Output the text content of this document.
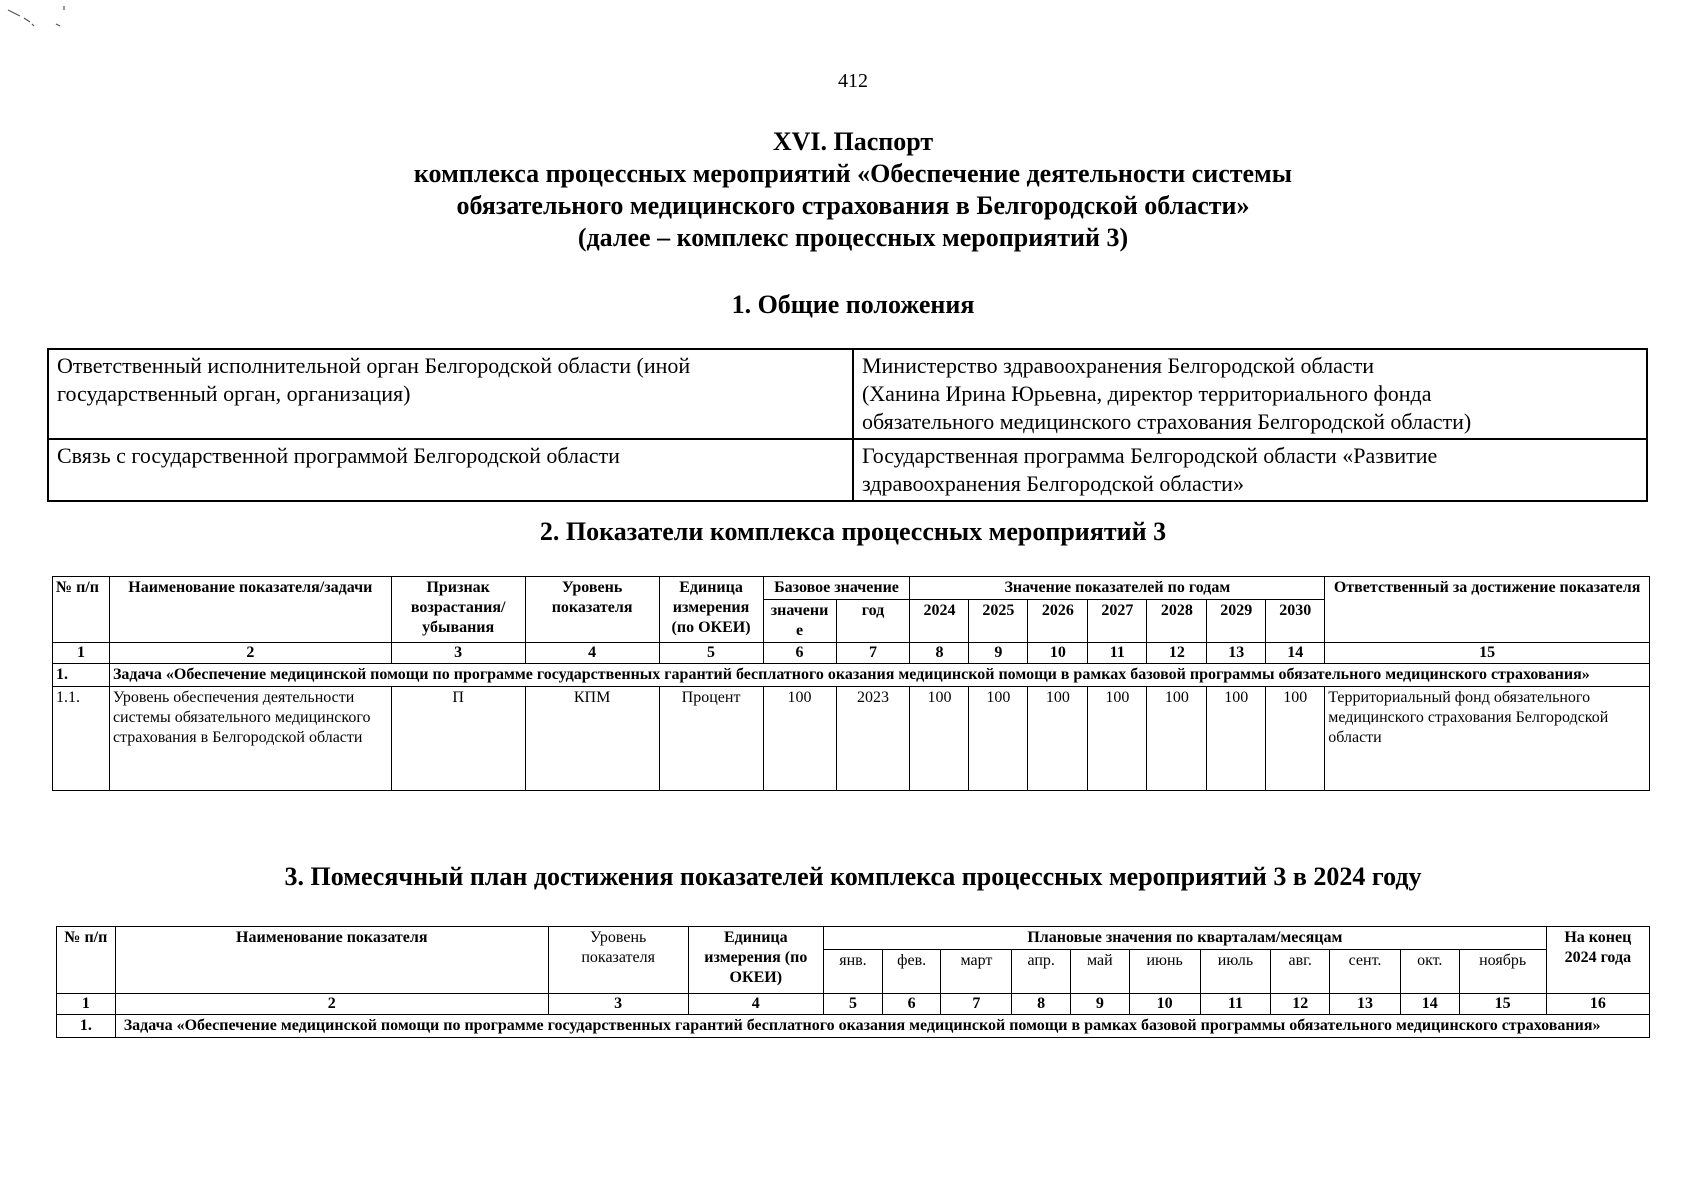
412
XVI. Паспорт
комплекса процессных мероприятий «Обеспечение деятельности системы
обязательного медицинского страхования в Белгородской области»
(далее – комплекс процессных мероприятий 3)
1. Общие положения
Ответственный исполнительной орган Белгородской области (иной государственный орган, организация)	Министерство здравоохранения Белгородской области
(Ханина Ирина Юрьевна, директор территориального фонда
обязательного медицинского страхования Белгородской области)

Связь с государственной программой Белгородской области	Государственная программа Белгородской области «Развитие
здравоохранения Белгородской области»
2. Показатели комплекса процессных мероприятий 3
№ п/п	Наименование показателя/задачи	Признак возрастания/ убывания	Уровень показателя	Единица измерения (по ОКЕИ)	Базовое значение		Значение показателей по годам							Ответственный за достижение показателя
					значени е	год	2024	2025	2026	2027	2028	2029	2030	
1	2	3	4	5	6	7	8	9	10	11	12	13	14	15
1.	Задача «Обеспечение медицинской помощи по программе государственных гарантий бесплатного оказания медицинской помощи в рамках базовой программы обязательного медицинского страхования»													
1.1.	Уровень обеспечения деятельности системы обязательного медицинского страхования в Белгородской области	П	КПМ	Процент	100	2023	100	100	100	100	100	100	100	Территориальный фонд обязательного медицинского страхования Белгородской области
3. Помесячный план достижения показателей комплекса процессных мероприятий 3 в 2024 году
№ п/п	Наименование показателя	Уровень показателя	Единица измерения (по ОКЕИ)	Плановые значения по кварталам/месяцам											На конец 2024 года
				янв.	фев.	март	апр.	май	июнь	июль	авг.	сент.	окт.	ноябрь	
1	2	3	4	5	6	7	8	9	10	11	12	13	14	15	16
1.	Задача «Обеспечение медицинской помощи по программе государственных гарантий бесплатного оказания медицинской помощи в рамках базовой программы обязательного медицинского страхования»														
